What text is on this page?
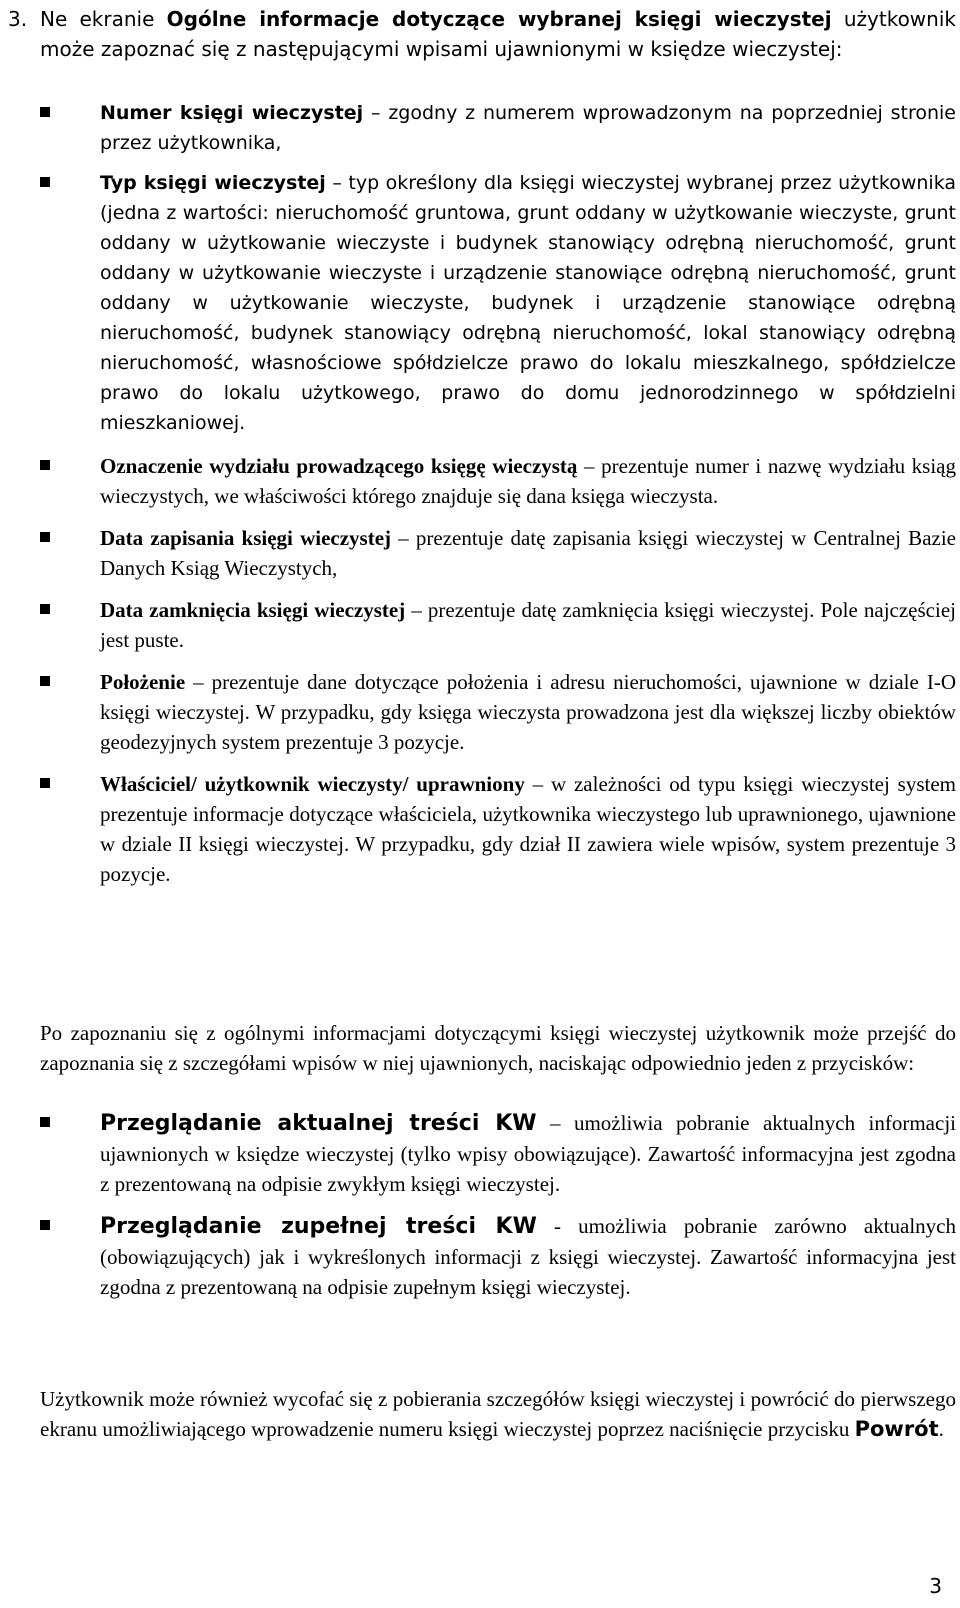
3. Ne ekranie Ogólne informacje dotyczące wybranej księgi wieczystej użytkownik może zapoznać się z następującymi wpisami ujawnionymi w księdze wieczystej:

Numer księgi wieczystej – zgodny z numerem wprowadzonym na poprzedniej stronie przez użytkownika,

Typ księgi wieczystej – typ określony dla księgi wieczystej wybranej przez użytkownika (jedna z wartości: nieruchomość gruntowa, grunt oddany w użytkowanie wieczyste, grunt oddany w użytkowanie wieczyste i budynek stanowiący odrębną nieruchomość, grunt oddany w użytkowanie wieczyste i urządzenie stanowiące odrębną nieruchomość, grunt oddany w użytkowanie wieczyste, budynek i urządzenie stanowiące odrębną nieruchomość, budynek stanowiący odrębną nieruchomość, lokal stanowiący odrębną nieruchomość, własnościowe spółdzielcze prawo do lokalu mieszkalnego, spółdzielcze prawo do lokalu użytkowego, prawo do domu jednorodzinnego w spółdzielni mieszkaniowej.

Oznaczenie wydziału prowadzącego księgę wieczystą – prezentuje numer i nazwę wydziału ksiąg wieczystych, we właściwości którego znajduje się dana księga wieczysta.

Data zapisania księgi wieczystej – prezentuje datę zapisania księgi wieczystej w Centralnej Bazie Danych Ksiąg Wieczystych,

Data zamknięcia księgi wieczystej – prezentuje datę zamknięcia księgi wieczystej. Pole najczęściej jest puste.

Położenie – prezentuje dane dotyczące położenia i adresu nieruchomości, ujawnione w dziale I-O księgi wieczystej. W przypadku, gdy księga wieczysta prowadzona jest dla większej liczby obiektów geodezyjnych system prezentuje 3 pozycje.

Właściciel/ użytkownik wieczysty/ uprawniony – w zależności od typu księgi wieczystej system prezentuje informacje dotyczące właściciela, użytkownika wieczystego lub uprawnionego, ujawnione w dziale II księgi wieczystej. W przypadku, gdy dział II zawiera wiele wpisów, system prezentuje 3 pozycje.

Po zapoznaniu się z ogólnymi informacjami dotyczącymi księgi wieczystej użytkownik może przejść do zapoznania się z szczegółami wpisów w niej ujawnionych, naciskając odpowiednio jeden z przycisków:

Przeglądanie aktualnej treści KW – umożliwia pobranie aktualnych informacji ujawnionych w księdze wieczystej (tylko wpisy obowiązujące). Zawartość informacyjna jest zgodna z prezentowaną na odpisie zwykłym księgi wieczystej.

Przeglądanie zupełnej treści KW - umożliwia pobranie zarówno aktualnych (obowiązujących) jak i wykreślonych informacji z księgi wieczystej. Zawartość informacyjna jest zgodna z prezentowaną na odpisie zupełnym księgi wieczystej.

Użytkownik może również wycofać się z pobierania szczegółów księgi wieczystej i powrócić do pierwszego ekranu umożliwiającego wprowadzenie numeru księgi wieczystej poprzez naciśnięcie przycisku Powrót.
3
